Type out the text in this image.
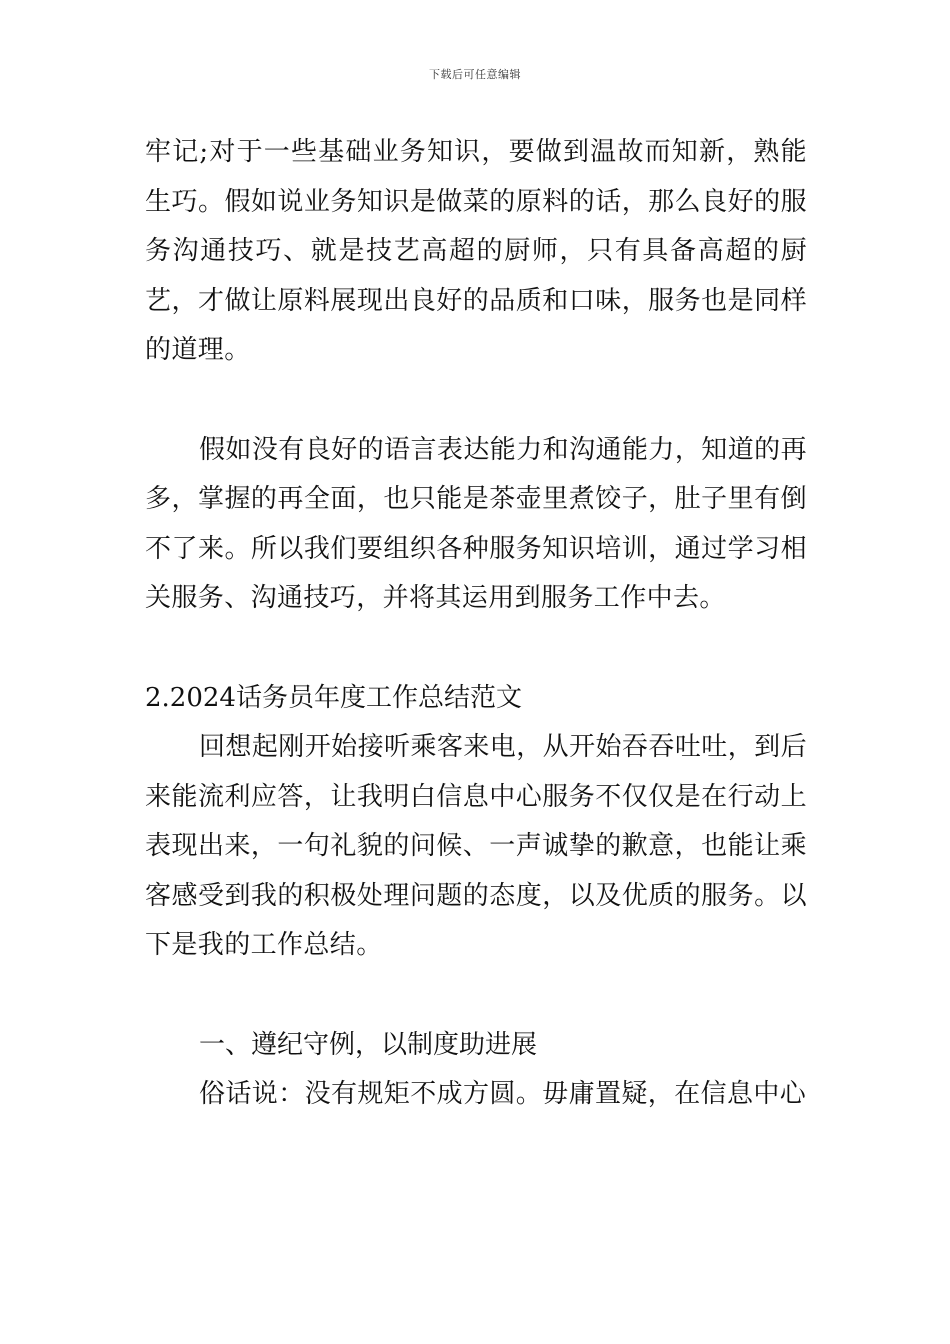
下载后可任意编辑

牢记;对于一些基础业务知识，要做到温故而知新，熟能生巧。假如说业务知识是做菜的原料的话，那么良好的服务沟通技巧、就是技艺高超的厨师，只有具备高超的厨艺，才做让原料展现出良好的品质和口味，服务也是同样的道理。

假如没有良好的语言表达能力和沟通能力，知道的再多，掌握的再全面，也只能是茶壶里煮饺子，肚子里有倒不了来。所以我们要组织各种服务知识培训，通过学习相关服务、沟通技巧，并将其运用到服务工作中去。

2.2024话务员年度工作总结范文

回想起刚开始接听乘客来电，从开始吞吞吐吐，到后来能流利应答，让我明白信息中心服务不仅仅是在行动上表现出来，一句礼貌的问候、一声诚挚的歉意，也能让乘客感受到我的积极处理问题的态度，以及优质的服务。以下是我的工作总结。

一、遵纪守例，以制度助进展

俗话说：没有规矩不成方圆。毋庸置疑，在信息中心
